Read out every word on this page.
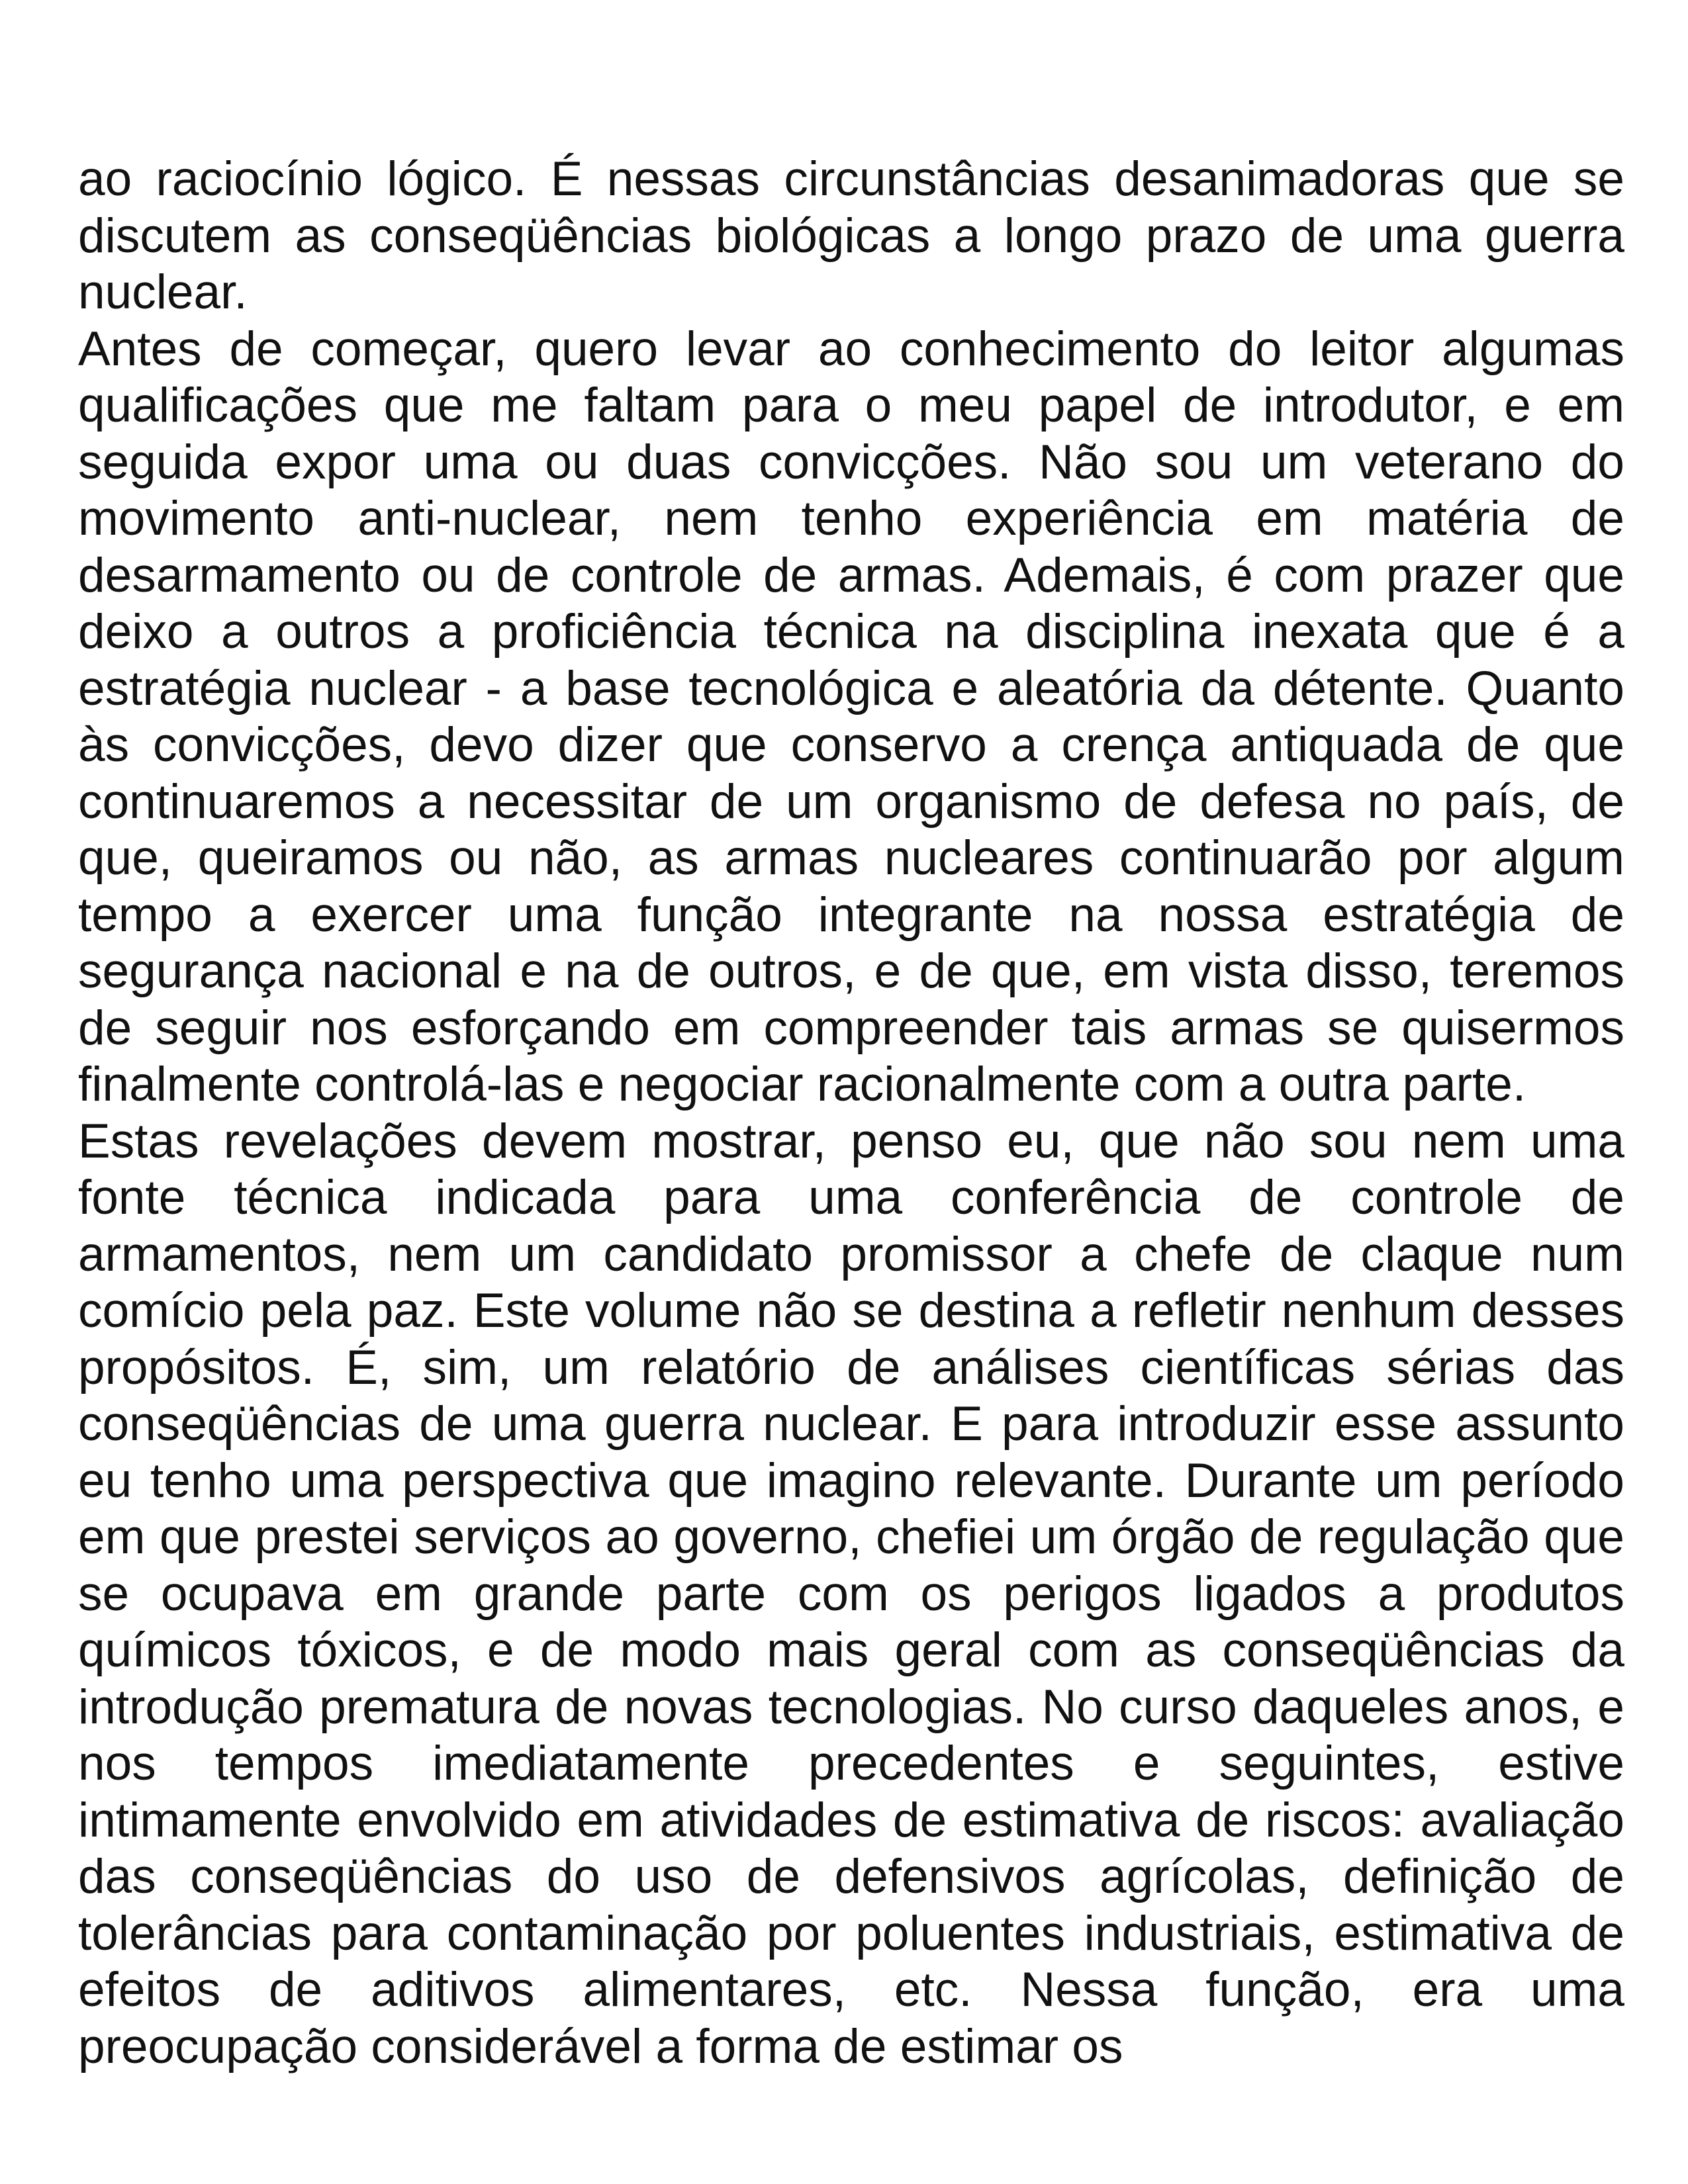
ao raciocínio lógico. É nessas circunstâncias desanimadoras que se discutem as conseqüências biológicas a longo prazo de uma guerra nuclear.

Antes de começar, quero levar ao conhecimento do leitor algumas qualificações que me faltam para o meu papel de introdutor, e em seguida expor uma ou duas convicções. Não sou um veterano do movimento anti-nuclear, nem tenho experiência em matéria de desarmamento ou de controle de armas. Ademais, é com prazer que deixo a outros a proficiência técnica na disciplina inexata que é a estratégia nuclear - a base tecnológica e aleatória da détente. Quanto às convicções, devo dizer que conservo a crença antiquada de que continuaremos a necessitar de um organismo de defesa no país, de que, queiramos ou não, as armas nucleares continuarão por algum tempo a exercer uma função integrante na nossa estratégia de segurança nacional e na de outros, e de que, em vista disso, teremos de seguir nos esforçando em compreender tais armas se quisermos finalmente controlá-las e negociar racionalmente com a outra parte.

Estas revelações devem mostrar, penso eu, que não sou nem uma fonte técnica indicada para uma conferência de controle de armamentos, nem um candidato promissor a chefe de claque num comício pela paz. Este volume não se destina a refletir nenhum desses propósitos. É, sim, um relatório de análises científicas sérias das conseqüências de uma guerra nuclear. E para introduzir esse assunto eu tenho uma perspectiva que imagino relevante. Durante um período em que prestei serviços ao governo, chefiei um órgão de regulação que se ocupava em grande parte com os perigos ligados a produtos químicos tóxicos, e de modo mais geral com as conseqüências da introdução prematura de novas tecnologias. No curso daqueles anos, e nos tempos imediatamente precedentes e seguintes, estive intimamente envolvido em atividades de estimativa de riscos: avaliação das conseqüências do uso de defensivos agrícolas, definição de tolerâncias para contaminação por poluentes industriais, estimativa de efeitos de aditivos alimentares, etc. Nessa função, era uma preocupação considerável a forma de estimar os
